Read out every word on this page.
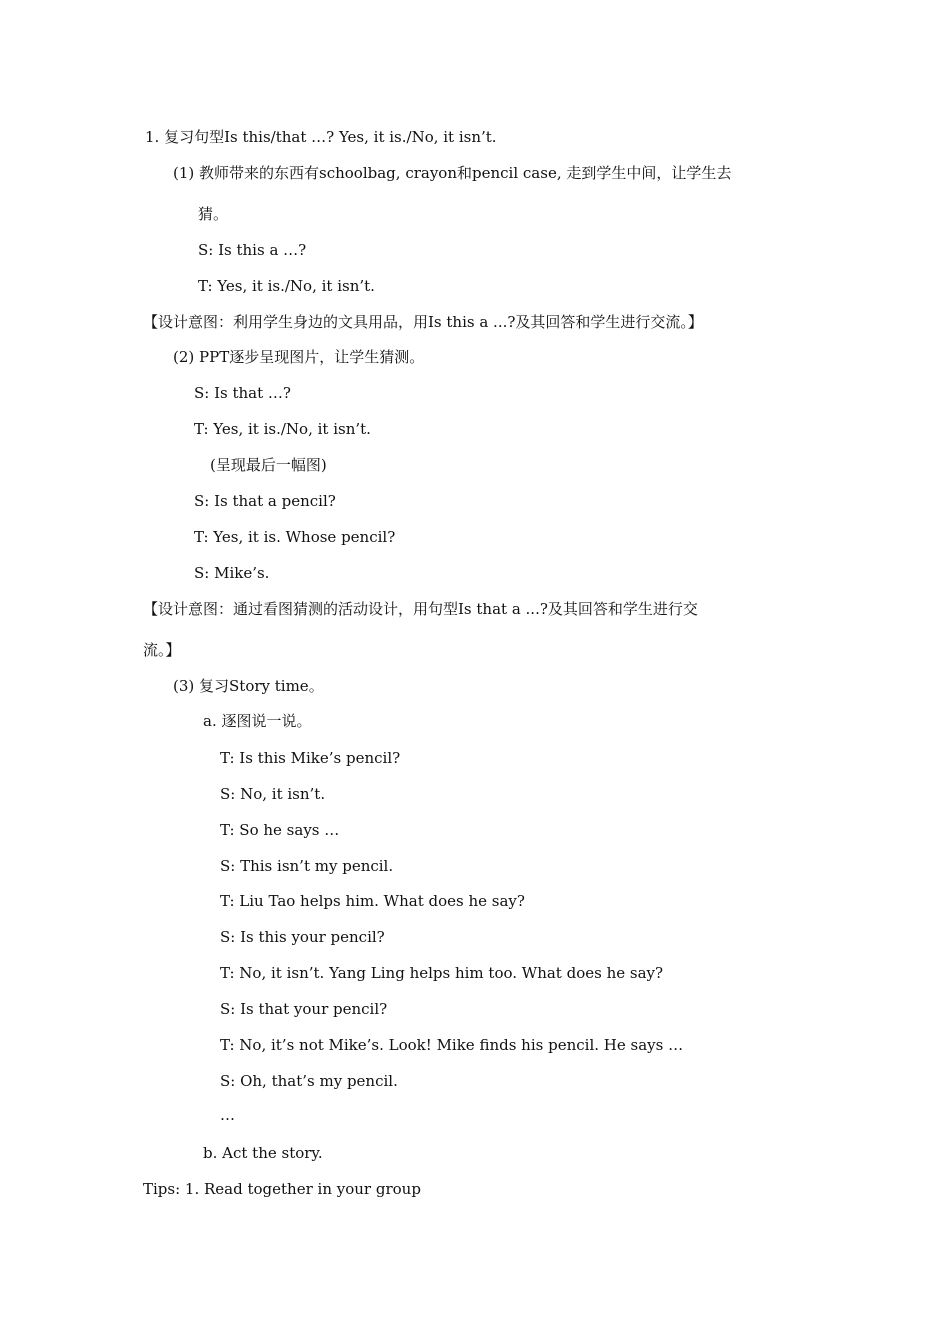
1. 复习句型Is this/that …? Yes, it is./No, it isn’t.
(1) 教师带来的东西有schoolbag, crayon和pencil case, 走到学生中间，让学生去
猜。
S: Is this a …?
T: Yes, it is./No, it isn’t.
【设计意图：利用学生身边的文具用品，用Is this a ...?及其回答和学生进行交流。】
(2) PPT逐步呈现图片，让学生猜测。
S: Is that …?
T: Yes, it is./No, it isn’t.
(呈现最后一幅图)
S: Is that a pencil?
T: Yes, it is. Whose pencil?
S: Mike’s.
【设计意图：通过看图猜测的活动设计，用句型Is that a ...?及其回答和学生进行交
流。】
(3) 复习Story time。
a. 逐图说一说。
T: Is this Mike’s pencil?
S: No, it isn’t.
T: So he says …
S: This isn’t my pencil.
T: Liu Tao helps him. What does he say?
S: Is this your pencil?
T: No, it isn’t. Yang Ling helps him too. What does he say?
S: Is that your pencil?
T: No, it’s not Mike’s. Look! Mike finds his pencil. He says …
S: Oh, that’s my pencil.
…
b. Act the story.
Tips: 1. Read together in your group
